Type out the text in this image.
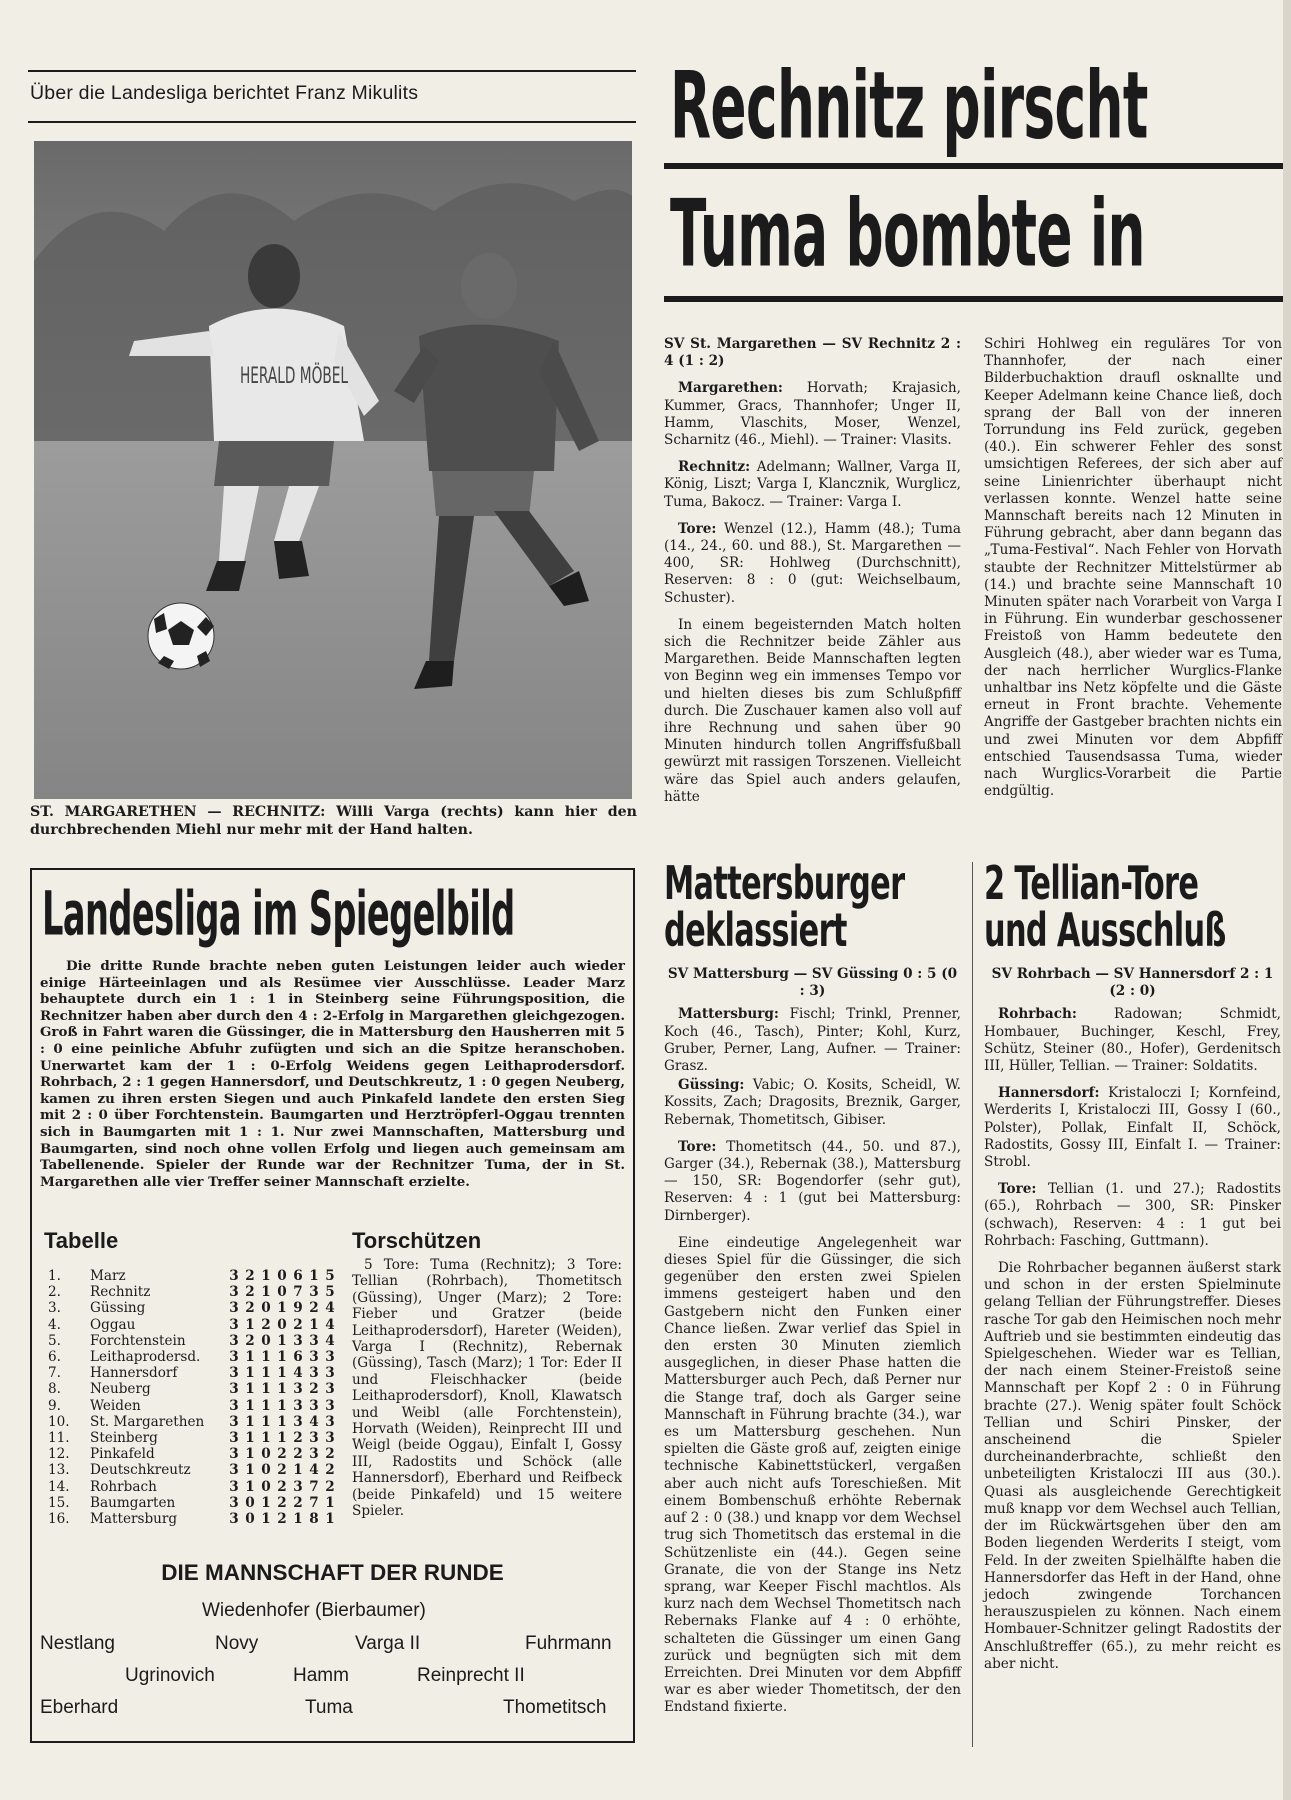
Über die Landesliga berichtet Franz Mikulits	Rechnitz pirscht
Tuma bombte in
HERALD MÖBEL
ST. MARGARETHEN — RECHNITZ: Willi Varga (rechts) kann hier den durchbrechenden Miehl nur mehr mit der Hand halten.

SV St. Margarethen — SV Rechnitz 2 : 4 (1 : 2)

Margarethen: Horvath; Krajasich, Kummer, Gracs, Thannhofer; Unger II, Hamm, Vlaschits, Moser, Wenzel, Scharnitz (46., Miehl). — Trainer: Vlasits.

Rechnitz: Adelmann; Wallner, Varga II, König, Liszt; Varga I, Klancznik, Wurglicz, Tuma, Bakocz. — Trainer: Varga I.

Tore: Wenzel (12.), Hamm (48.); Tuma (14., 24., 60. und 88.), St. Margarethen — 400, SR: Hohlweg (Durchschnitt), Reserven: 8 : 0 (gut: Weichselbaum, Schuster).

In einem begeisternden Match holten sich die Rechnitzer beide Zähler aus Margarethen. Beide Mannschaften legten von Beginn weg ein immenses Tempo vor und hielten dieses bis zum Schlußpfiff durch. Die Zuschauer kamen also voll auf ihre Rechnung und sahen über 90 Minuten hindurch tollen Angriffsfußball gewürzt mit rassigen Torszenen. Vielleicht wäre das Spiel auch anders gelaufen, hätte

Schiri Hohlweg ein reguläres Tor von Thannhofer, der nach einer Bilderbuchaktion draufl osknallte und Keeper Adelmann keine Chance ließ, doch sprang der Ball von der inneren Torrundung ins Feld zurück, gegeben (40.). Ein schwerer Fehler des sonst umsichtigen Referees, der sich aber auf seine Linienrichter überhaupt nicht verlassen konnte. Wenzel hatte seine Mannschaft bereits nach 12 Minuten in Führung gebracht, aber dann begann das „Tuma-Festival“. Nach Fehler von Horvath staubte der Rechnitzer Mittelstürmer ab (14.) und brachte seine Mannschaft 10 Minuten später nach Vorarbeit von Varga I in Führung. Ein wunderbar geschossener Freistoß von Hamm bedeutete den Ausgleich (48.), aber wieder war es Tuma, der nach herrlicher Wurglics-Flanke unhaltbar ins Netz köpfelte und die Gäste erneut in Front brachte. Vehemente Angriffe der Gastgeber brachten nichts ein und zwei Minuten vor dem Abpfiff entschied Tausendsassa Tuma, wieder nach Wurglics-Vorarbeit die Partie endgültig.

Landesliga im Spiegelbild

Die dritte Runde brachte neben guten Leistungen leider auch wieder einige Härteeinlagen und als Resümee vier Ausschlüsse. Leader Marz behauptete durch ein 1 : 1 in Steinberg seine Führungsposition, die Rechnitzer haben aber durch den 4 : 2-Erfolg in Margarethen gleichgezogen. Groß in Fahrt waren die Güssinger, die in Mattersburg den Hausherren mit 5 : 0 eine peinliche Abfuhr zufügten und sich an die Spitze heranschoben. Unerwartet kam der 1 : 0-Erfolg Weidens gegen Leithaprodersdorf. Rohrbach, 2 : 1 gegen Hannersdorf, und Deutschkreutz, 1 : 0 gegen Neuberg, kamen zu ihren ersten Siegen und auch Pinkafeld landete den ersten Sieg mit 2 : 0 über Forchtenstein. Baumgarten und Herztröpferl-Oggau trennten sich in Baumgarten mit 1 : 1. Nur zwei Mannschaften, Mattersburg und Baumgarten, sind noch ohne vollen Erfolg und liegen auch gemeinsam am Tabellenende. Spieler der Runde war der Rechnitzer Tuma, der in St. Margarethen alle vier Treffer seiner Mannschaft erzielte.

Tabelle
1.	Marz	3 2 1 0 6 1 5
2.	Rechnitz	3 2 1 0 7 3 5
3.	Güssing	3 2 0 1 9 2 4
4.	Oggau	3 1 2 0 2 1 4
5.	Forchtenstein	3 2 0 1 3 3 4
6.	Leithaprodersd.	3 1 1 1 6 3 3
7.	Hannersdorf	3 1 1 1 4 3 3
8.	Neuberg	3 1 1 1 3 2 3
9.	Weiden	3 1 1 1 3 3 3
10.	St. Margarethen	3 1 1 1 3 4 3
11.	Steinberg	3 1 1 1 2 3 3
12.	Pinkafeld	3 1 0 2 2 3 2
13.	Deutschkreutz	3 1 0 2 1 4 2
14.	Rohrbach	3 1 0 2 3 7 2
15.	Baumgarten	3 0 1 2 2 7 1
16.	Mattersburg	3 0 1 2 1 8 1
Torschützen

5 Tore: Tuma (Rechnitz); 3 Tore: Tellian (Rohrbach), Thometitsch (Güssing), Unger (Marz); 2 Tore: Fieber und Gratzer (beide Leithaprodersdorf), Hareter (Weiden), Varga I (Rechnitz), Rebernak (Güssing), Tasch (Marz); 1 Tor: Eder II und Fleischhacker (beide Leithaprodersdorf), Knoll, Klawatsch und Weibl (alle Forchtenstein), Horvath (Weiden), Reinprecht III und Weigl (beide Oggau), Einfalt I, Gossy III, Radostits und Schöck (alle Hannersdorf), Eberhard und Reifbeck (beide Pinkafeld) und 15 weitere Spieler.

DIE MANNSCHAFT DER RUNDE
Wiedenhofer (Bierbaumer)
Nestlang	Novy	Varga II	Fuhrmann
Ugrinovich	Hamm	Reinprecht II
Eberhard	Tuma	Thometitsch
Mattersburger
deklassiert

SV Mattersburg — SV Güssing 0 : 5 (0 : 3)

Mattersburg: Fischl; Trinkl, Prenner, Koch (46., Tasch), Pinter; Kohl, Kurz, Gruber, Perner, Lang, Aufner. — Trainer: Grasz.

Güssing: Vabic; O. Kosits, Scheidl, W. Kossits, Zach; Dragosits, Breznik, Garger, Rebernak, Thometitsch, Gibiser.

Tore: Thometitsch (44., 50. und 87.), Garger (34.), Rebernak (38.), Mattersburg — 150, SR: Bogendorfer (sehr gut), Reserven: 4 : 1 (gut bei Mattersburg: Dirnberger).

Eine eindeutige Angelegenheit war dieses Spiel für die Güssinger, die sich gegenüber den ersten zwei Spielen immens gesteigert haben und den Gastgebern nicht den Funken einer Chance ließen. Zwar verlief das Spiel in den ersten 30 Minuten ziemlich ausgeglichen, in dieser Phase hatten die Mattersburger auch Pech, daß Perner nur die Stange traf, doch als Garger seine Mannschaft in Führung brachte (34.), war es um Mattersburg geschehen. Nun spielten die Gäste groß auf, zeigten einige technische Kabinettstückerl, vergaßen aber auch nicht aufs Toreschießen. Mit einem Bombenschuß erhöhte Rebernak auf 2 : 0 (38.) und knapp vor dem Wechsel trug sich Thometitsch das erstemal in die Schützenliste ein (44.). Gegen seine Granate, die von der Stange ins Netz sprang, war Keeper Fischl machtlos. Als kurz nach dem Wechsel Thometitsch nach Rebernaks Flanke auf 4 : 0 erhöhte, schalteten die Güssinger um einen Gang zurück und begnügten sich mit dem Erreichten. Drei Minuten vor dem Abpfiff war es aber wieder Thometitsch, der den Endstand fixierte.

2 Tellian-Tore
und Ausschluß

SV Rohrbach — SV Hannersdorf 2 : 1 (2 : 0)

Rohrbach:	Radowan; Schmidt, Hombauer, Buchinger, Keschl, Frey, Schütz, Steiner (80., Hofer), Gerdenitsch III, Hüller, Tellian. — Trainer: Soldatits.

Hannersdorf: Kristaloczi I; Kornfeind, Werderits I, Kristaloczi III, Gossy I (60., Polster), Pollak, Einfalt II, Schöck, Radostits, Gossy III, Einfalt I. — Trainer: Strobl.

Tore: Tellian (1. und 27.); Radostits (65.), Rohrbach — 300, SR: Pinsker (schwach), Reserven: 4 : 1 gut bei Rohrbach: Fasching, Guttmann).

Die Rohrbacher begannen äußerst stark und schon in der ersten Spielminute gelang Tellian der Führungstreffer. Dieses rasche Tor gab den Heimischen noch mehr Auftrieb und sie bestimmten eindeutig das Spielgeschehen. Wieder war es Tellian, der nach einem Steiner-Freistoß seine Mannschaft per Kopf 2 : 0 in Führung brachte (27.). Wenig später foult Schöck Tellian und Schiri Pinsker, der anscheinend die Spieler durcheinanderbrachte, schließt den unbeteiligten Kristaloczi III aus (30.). Quasi als ausgleichende Gerechtigkeit muß knapp vor dem Wechsel auch Tellian, der im Rückwärtsgehen über den am Boden liegenden Werderits I steigt, vom Feld. In der zweiten Spielhälfte haben die Hannersdorfer das Heft in der Hand, ohne jedoch zwingende Torchancen herauszuspielen zu können. Nach einem Hombauer-Schnitzer gelingt Radostits der Anschlußtreffer (65.), zu mehr reicht es aber nicht.
